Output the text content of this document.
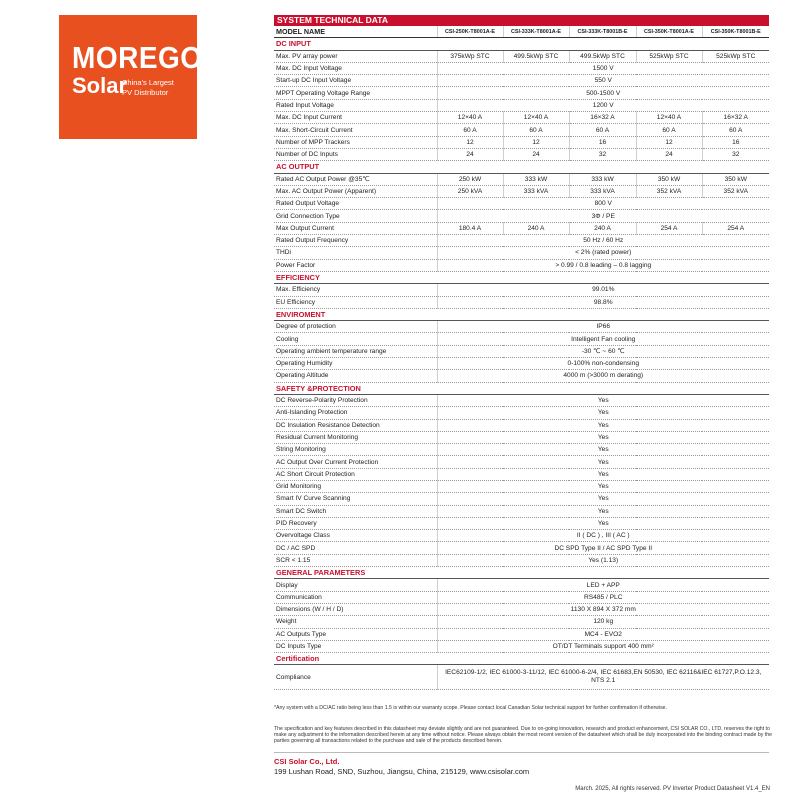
MOREGO
Solar
China's Largest
PV Distributor
SYSTEM TECHNICAL DATA
MODEL NAME	CSI-250K-T8001A-E	CSI-333K-T8001A-E	CSI-333K-T8001B-E	CSI-350K-T8001A-E	CSI-350K-T8001B-E
DC INPUT					
Max. PV array power	375kWp STC	499.5kWp STC	499.5kWp STC	525kWp STC	525kWp STC
Max. DC Input Voltage	1500 V				
Start-up DC Input Voltage	550 V				
MPPT Operating Voltage Range	500-1500 V				
Rated Input Voltage	1200 V				
Max. DC Input Current	12×40 A	12×40 A	16×32 A	12×40 A	16×32 A
Max. Short-Circuit Current	60 A	60 A	60 A	60 A	60 A
Number of MPP Trackers	12	12	16	12	16
Number of DC Inputs	24	24	32	24	32
AC OUTPUT					
Rated AC Output Power @35℃	250 kW	333 kW	333 kW	350 kW	350 kW
Max. AC Output Power (Apparent)	250 kVA	333 kVA	333 kVA	352 kVA	352 kVA
Rated Output Voltage	800 V				
Grid Connection Type	3Φ / PE				
Max Output Current	180.4 A	240 A	240 A	254 A	254 A
Rated Output Frequency	50 Hz / 60 Hz				
THDi	< 2% (rated power)				
Power Factor	> 0.99 / 0.8 leading – 0.8 lagging				
EFFICIENCY					
Max. Efficiency	99.01%				
EU Efficiency	98.8%				
ENVIROMENT					
Degree of protection	IP66				
Cooling	Intelligent Fan cooling				
Operating ambient temperature range	-30 ℃ ~ 60 ℃				
Operating Humidity	0-100% non-condensing				
Operating Altitude	4000 m (>3000 m derating)				
SAFETY &PROTECTION					
DC Reverse-Polarity Protection	Yes				
Anti-Islanding Protection	Yes				
DC Insulation Resistance Detection	Yes				
Residual Current Monitoring	Yes				
String Monitoring	Yes				
AC Output Over Current Protection	Yes				
AC Short Circuit Protection	Yes				
Grid Monitoring	Yes				
Smart IV Curve Scanning	Yes				
Smart DC Switch	Yes				
PID Recovery	Yes				
Overvoltage Class	II ( DC ) , III ( AC )				
DC / AC SPD	DC SPD Type II / AC SPD Type II				
SCR < 1.15	Yes (1.13)				
GENERAL PARAMETERS					
Display	LED + APP				
Communication	RS485 / PLC				
Dimensions (W / H / D)	1130 X 894 X 372 mm				
Weight	120 kg				
AC Outputs Type	MC4 - EVO2				
DC Inputs Type	OT/DT Terminals support 400 mm²				
Certification					
Compliance	IEC62109-1/2, IEC 61000-3-11/12, IEC 61000-6-2/4, IEC 61683,EN 50530, IEC 62116&IEC 61727,P.O.12.3, NTS 2.1				
*Any system with a DC/AC ratio being less than 1.5 is within our warranty scope. Please contact local Canadian Solar technical support for further confirmation if otherwise.
The specification and key features described in this datasheet may deviate slightly and are not guaranteed. Due to on-going innovation, research and product enhancement, CSI SOLAR CO., LTD. reserves the right to make any adjustment to the information described herein at any time without notice. Please always obtain the most recent version of the datasheet which shall be duly incorporated into the binding contract made by the parties governing all transactions related to the purchase and sale of the products described herein.
CSI Solar Co., Ltd.
199 Lushan Road, SND, Suzhou, Jiangsu, China, 215129, www.csisolar.com
March. 2025, All rights reserved. PV Inverter Product Datasheet V1.4_EN
